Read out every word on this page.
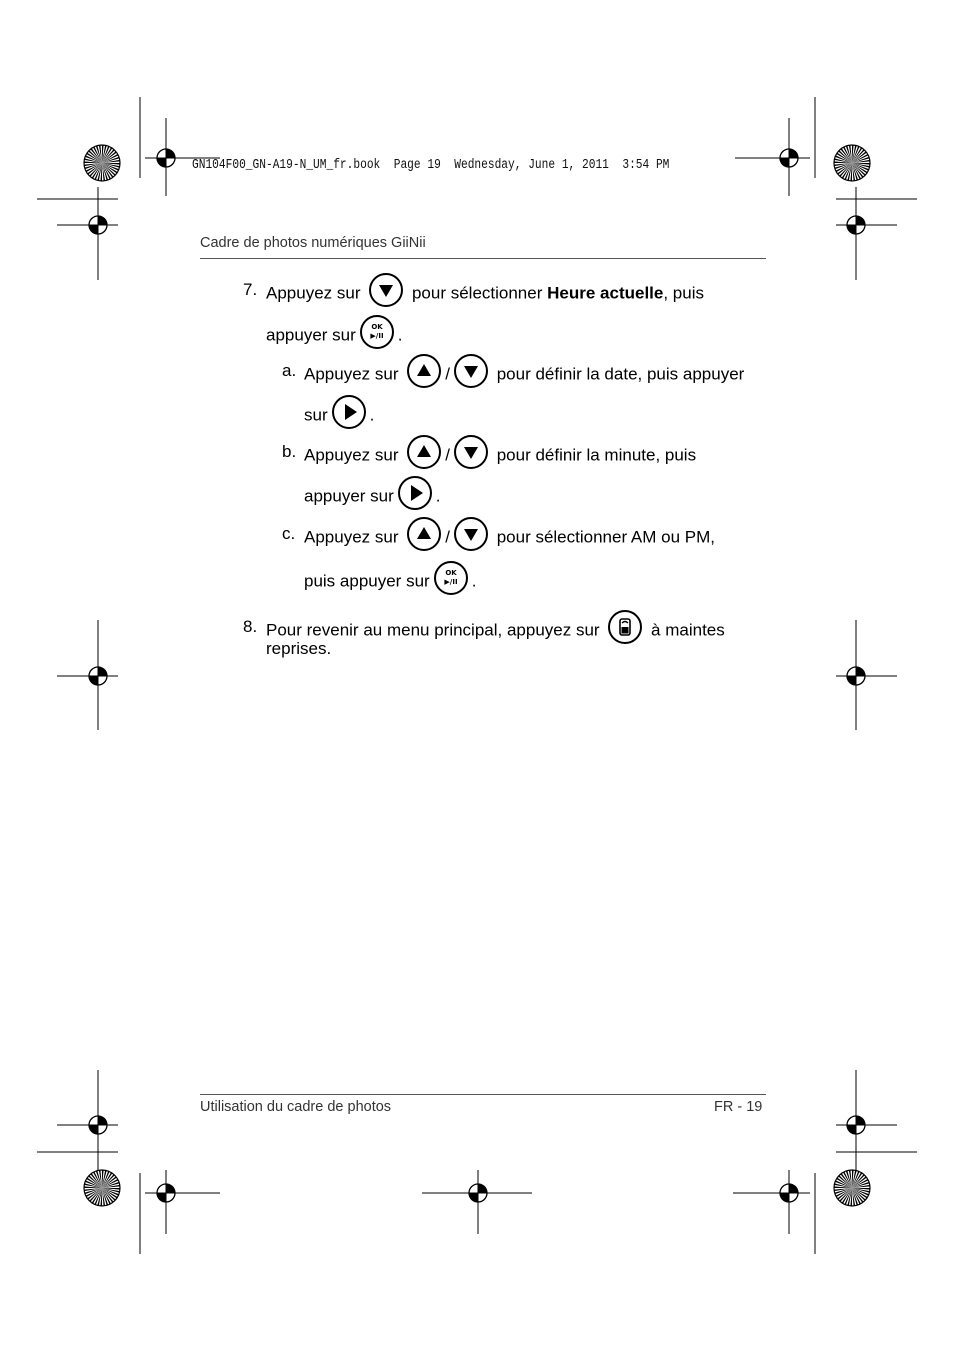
GN104F00_GN-A19-N_UM_fr.book  Page 19  Wednesday, June 1, 2011  3:54 PM
Cadre de photos numériques GiiNii
7. Appuyez sur	pour sélectionner Heure actuelle, puis
appuyer sur OK
▶/II .
a. Appuyez sur	/	pour définir la date, puis appuyer
sur .
b. Appuyez sur	/	pour définir la minute, puis
appuyer sur .
c. Appuyez sur	/	pour sélectionner AM ou PM,
puis appuyer sur OK
▶/II .
8. Pour revenir au menu principal, appuyez sur	à maintes
reprises.
Utilisation du cadre de photos	FR - 19
